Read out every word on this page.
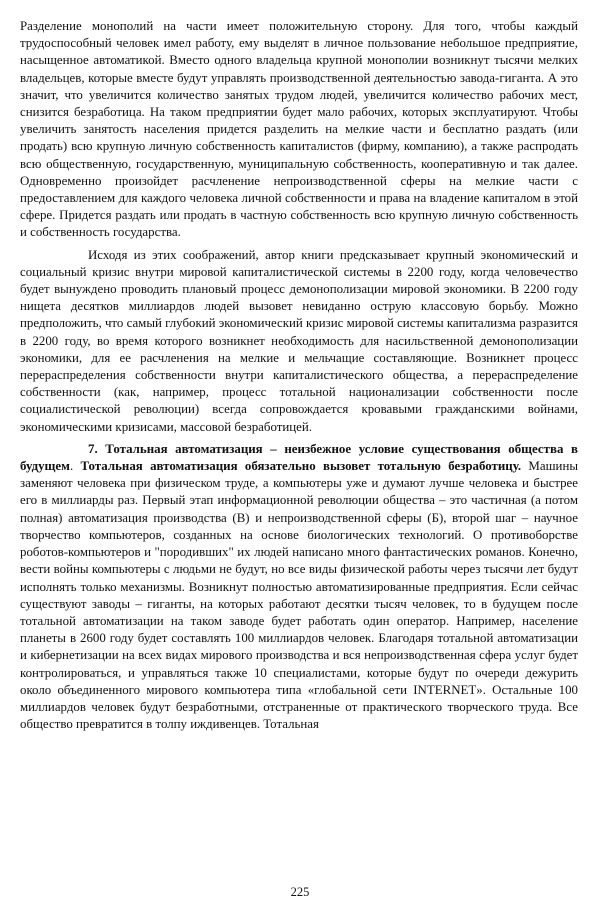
Разделение монополий на части имеет положительную сторону. Для того, чтобы каждый трудоспособный человек имел работу, ему выделят в личное пользование небольшое предприятие, насыщенное автоматикой. Вместо одного владельца крупной монополии возникнут тысячи мелких владельцев, которые вместе будут управлять производственной деятельностью завода-гиганта. А это значит, что увеличится количество занятых трудом людей, увеличится количество рабочих мест, снизится безработица. На таком предприятии будет мало рабочих, которых эксплуатируют. Чтобы увеличить занятость населения придется разделить на мелкие части и бесплатно раздать (или продать) всю крупную личную собственность капиталистов (фирму, компанию), а также распродать всю общественную, государственную, муниципальную собственность, кооперативную и так далее. Одновременно произойдет расчленение непроизводственной сферы на мелкие части с предоставлением для каждого человека личной собственности и права на владение капиталом в этой сфере. Придется раздать или продать в частную собственность всю крупную личную собственность и собственность государства.

Исходя из этих соображений, автор книги предсказывает крупный экономический и социальный кризис внутри мировой капиталистической системы в 2200 году, когда человечество будет вынуждено проводить плановый процесс демонополизации мировой экономики. В 2200 году нищета десятков миллиардов людей вызовет невиданно острую классовую борьбу. Можно предположить, что самый глубокий экономический кризис мировой системы капитализма разразится в 2200 году, во время которого возникнет необходимость для насильственной демонополизации экономики, для ее расчленения на мелкие и мельчащие составляющие. Возникнет процесс перераспределения собственности внутри капиталистического общества, а перераспределение собственности (как, например, процесс тотальной национализации собственности после социалистической революции) всегда сопровождается кровавыми гражданскими войнами, экономическими кризисами, массовой безработицей.

7. Тотальная автоматизация – неизбежное условие существования общества в будущем. Тотальная автоматизация обязательно вызовет тотальную безработицу. Машины заменяют человека при физическом труде, а компьютеры уже и думают лучше человека и быстрее его в миллиарды раз. Первый этап информационной революции общества – это частичная (а потом полная) автоматизация производства (В) и непроизводственной сферы (Б), второй шаг – научное творчество компьютеров, созданных на основе биологических технологий. О противоборстве роботов-компьютеров и "породивших" их людей написано много фантастических романов. Конечно, вести войны компьютеры с людьми не будут, но все виды физической работы через тысячи лет будут исполнять только механизмы. Возникнут полностью автоматизированные предприятия. Если сейчас существуют заводы – гиганты, на которых работают десятки тысяч человек, то в будущем после тотальной автоматизации на таком заводе будет работать один оператор. Например, население планеты в 2600 году будет составлять 100 миллиардов человек. Благодаря тотальной автоматизации и кибернетизации на всех видах мирового производства и вся непроизводственная сфера услуг будет контролироваться, и управляться также 10 специалистами, которые будут по очереди дежурить около объединенного мирового компьютера типа «глобальной сети INTERNET». Остальные 100 миллиардов человек будут безработными, отстраненные от практического творческого труда. Все общество превратится в толпу иждивенцев. Тотальная

225
